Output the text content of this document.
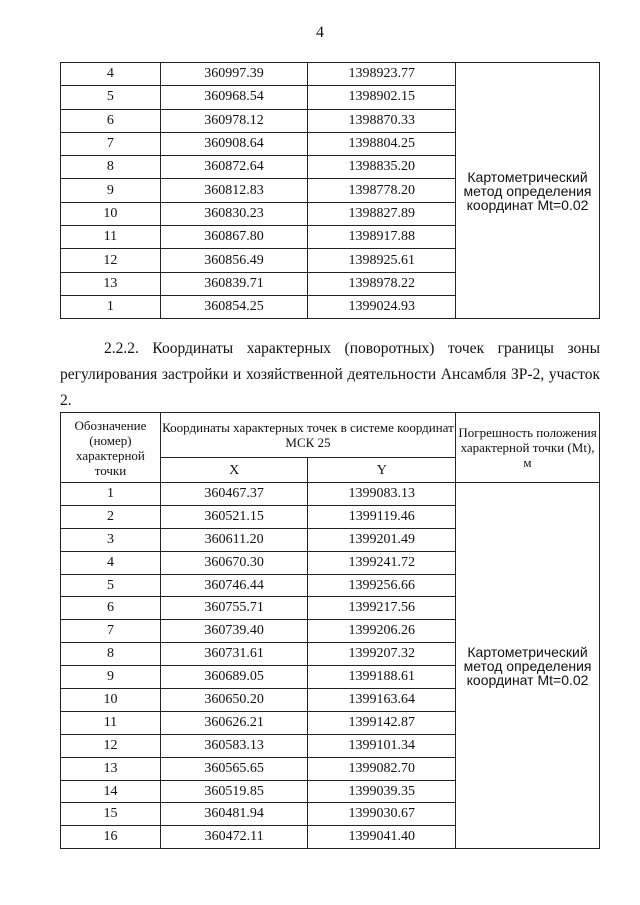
4
4	360997.39	1398923.77	Картометрический метод определения координат Mt=0.02
5	360968.54	1398902.15	
6	360978.12	1398870.33	
7	360908.64	1398804.25	
8	360872.64	1398835.20	
9	360812.83	1398778.20	
10	360830.23	1398827.89	
11	360867.80	1398917.88	
12	360856.49	1398925.61	
13	360839.71	1398978.22	
1	360854.25	1399024.93	

2.2.2. Координаты характерных (поворотных) точек границы зоны регулирования застройки и хозяйственной деятельности Ансамбля ЗР-2, участок 2.

Обозначение (номер) характерной точки	Координаты характерных точек в системе координат МСК 25		Погрешность положения характерной точки (Mt), м
	X	Y	
1	360467.37	1399083.13	Картометрический метод определения координат Mt=0.02
2	360521.15	1399119.46	
3	360611.20	1399201.49	
4	360670.30	1399241.72	
5	360746.44	1399256.66	
6	360755.71	1399217.56	
7	360739.40	1399206.26	
8	360731.61	1399207.32	
9	360689.05	1399188.61	
10	360650.20	1399163.64	
11	360626.21	1399142.87	
12	360583.13	1399101.34	
13	360565.65	1399082.70	
14	360519.85	1399039.35	
15	360481.94	1399030.67	
16	360472.11	1399041.40	
